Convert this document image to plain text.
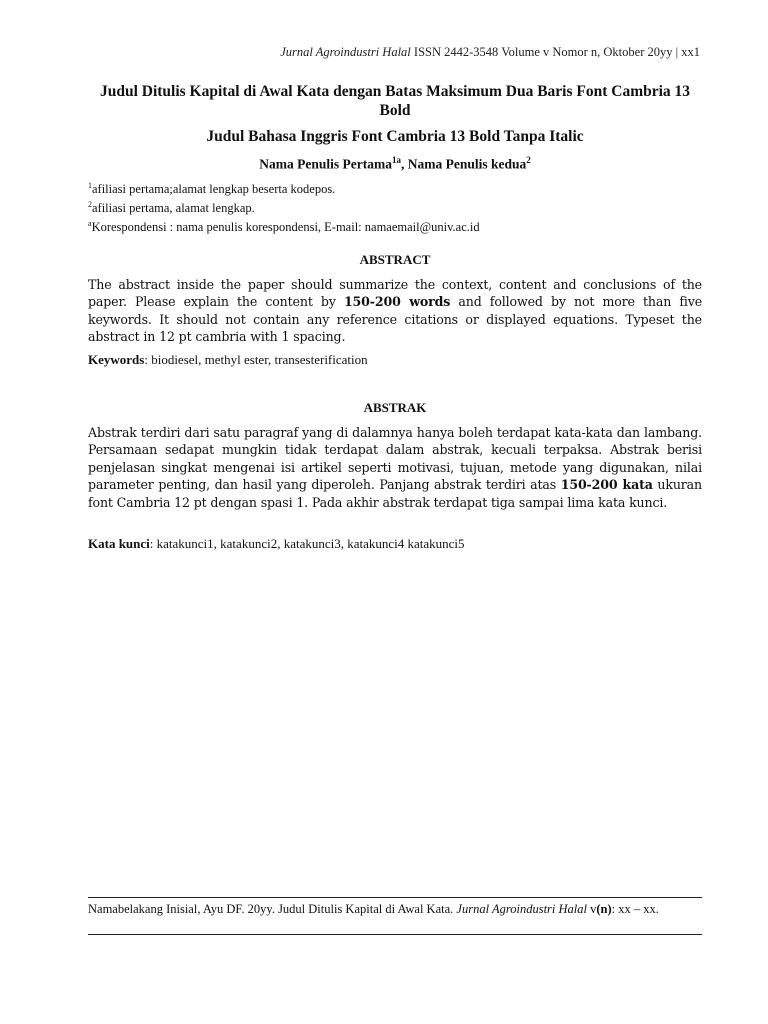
Jurnal Agroindustri Halal ISSN 2442-3548 Volume v Nomor n, Oktober 20yy | xx1
Judul Ditulis Kapital di Awal Kata dengan Batas Maksimum Dua Baris Font Cambria 13 Bold
Judul Bahasa Inggris Font Cambria 13 Bold Tanpa Italic
Nama Penulis Pertama$^{1a}$, Nama Penulis kedua$^2$
$^1$afiliasi pertama;alamat lengkap beserta kodepos.
$^2$afiliasi pertama, alamat lengkap.
$^a$Korespondensi : nama penulis korespondensi, E-mail: namaemail@univ.ac.id
ABSTRACT
The abstract inside the paper should summarize the context, content and conclusions of the paper. Please explain the content by 150-200 words and followed by not more than five keywords. It should not contain any reference citations or displayed equations. Typeset the abstract in 12 pt cambria with 1 spacing.
Keywords: biodiesel, methyl ester, transesterification
ABSTRAK
Abstrak terdiri dari satu paragraf yang di dalamnya hanya boleh terdapat kata-kata dan lambang. Persamaan sedapat mungkin tidak terdapat dalam abstrak, kecuali terpaksa. Abstrak berisi penjelasan singkat mengenai isi artikel seperti motivasi, tujuan, metode yang digunakan, nilai parameter penting, dan hasil yang diperoleh. Panjang abstrak terdiri atas 150-200 kata ukuran font Cambria 12 pt dengan spasi 1. Pada akhir abstrak terdapat tiga sampai lima kata kunci.
Kata kunci: katakunci1, katakunci2, katakunci3, katakunci4 katakunci5
Namabelakang Inisial, Ayu DF. 20yy. Judul Ditulis Kapital di Awal Kata. Jurnal Agroindustri Halal v(n): xx – xx.
